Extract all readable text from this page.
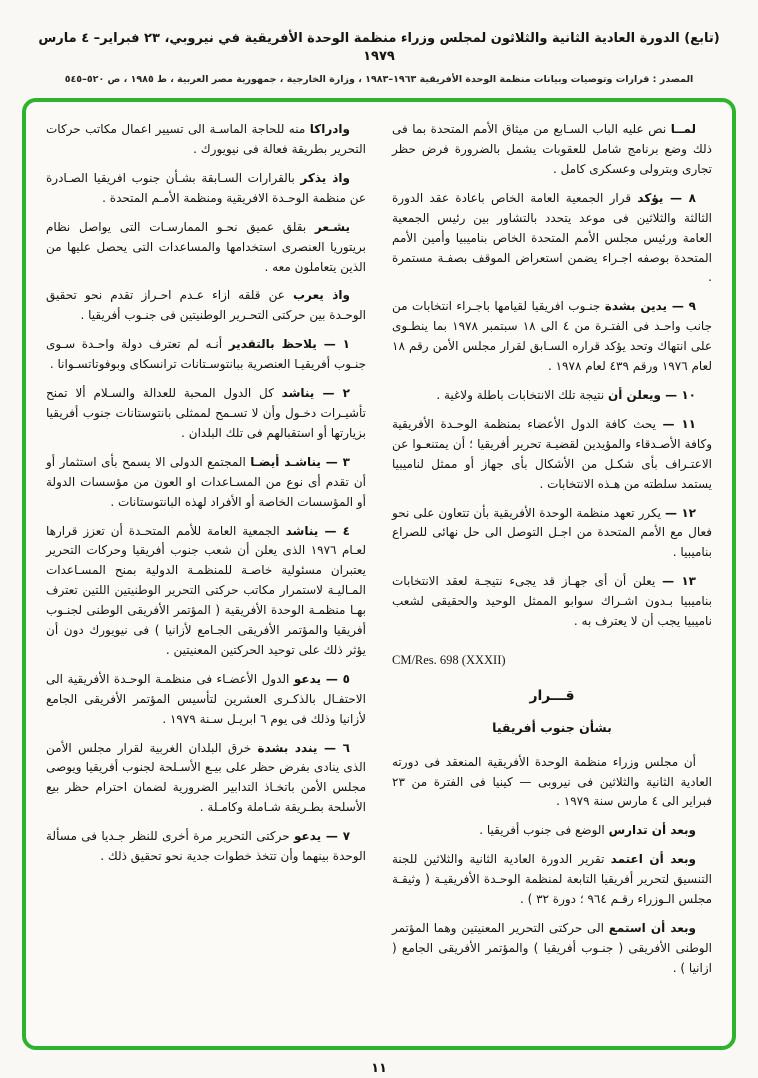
(تابع) الدورة العادية الثانية والثلاثون لمجلس وزراء منظمة الوحدة الأفريقية في نيروبي، ٢٣ فبراير– ٤ مارس ١٩٧٩
المصدر : قرارات وتوصيات وبيانات منظمة الوحدة الأفريقية ١٩٦٣–١٩٨٣ ، وزارة الخارجية ، جمهورية مصر العربية ، ط ١٩٨٥ ، ص ٥٢٠–٥٤٥

لمــا نص عليه الباب السـابع من ميثاق الأمم المتحدة بما فى ذلك وضع برنامج شامل للعقوبات يشمل بالضرورة فرض حظر تجارى وبترولى وعسكرى كامل .

٨ — يؤكد قرار الجمعية العامة الخاص باعادة عقد الدورة الثالثة والثلاثين فى موعد يتحدد بالتشاور بين رئيس الجمعية العامة ورئيس مجلس الأمم المتحدة الخاص بناميبيا وأمين الأمم المتحدة بوصفه اجـراء يضمن استعراض الموقف بصفـة مستمرة .

٩ — يدين بشدة جنـوب افريقيا لقيامها باجـراء انتخابات من جانب واحـد فى الفتـرة من ٤ الى ١٨ سبتمبر ١٩٧٨ بما ينطـوى على انتهاك وتحد يؤكد قراره السـابق لقرار مجلس الأمن رقم ١٨ لعام ١٩٧٦ ورقم ٤٣٩ لعام ١٩٧٨ .

١٠ — ويعلن أن نتيجة تلك الانتخابات باطلة ولاغية .

١١ — يحث كافة الدول الأعضاء بمنظمة الوحـدة الأفريقية وكافة الأصـدقاء والمؤيدين لقضيـة تحرير أفريقيا ؛ أن يمتنعـوا عن الاعتـراف بأى شكـل من الأشكال بأى جهاز أو ممثل لناميبيا يستمد سلطته من هـذه الانتخابات .

١٢ — يكرر تعهد منظمة الوحدة الأفريقية بأن تتعاون على نحو فعال مع الأمم المتحدة من اجـل التوصل الى حل نهائى للصراع بناميبيا .

١٣ — يعلن أن أى جهـاز قد يجىء نتيجـة لعقد الانتخابات بناميبيا بـدون اشـراك سوابو الممثل الوحيد والحقيقى لشعب ناميبيا يجب أن لا يعترف به .

CM/Res. 698 (XXXII)

قـــرار
بشأن جنوب أفريقيا

أن مجلس وزراء منظمة الوحدة الأفريقية المنعقد فى دورته العادية الثانية والثلاثين فى نيروبى — كينيا فى الفترة من ٢٣ فبراير الى ٤ مارس سنة ١٩٧٩ .

وبعد أن تدارس الوضع فى جنوب أفريقيا .

وبعد أن اعتمد تقرير الدورة العادية الثانية والثلاثين للجنة التنسيق لتحرير أفريقيا التابعة لمنظمة الوحـدة الأفريقيـة ( وثيقـة مجلس الـوزراء رقـم ٩٦٤ ؛ دورة ٣٢ ) .

وبعد أن استمع الى حركتى التحرير المعنيتين وهما المؤتمر الوطنى الأفريقى ( جنـوب أفريقيا ) والمؤتمر الأفريقى الجامع ( ازانيا ) .

وادراكا منه للحاجة الماسـة الى تسيير اعمال مكاتب حركات التحرير بطريقة فعالة فى نيويورك .

واذ يذكر بالقرارات السـابقة بشـأن جنوب افريقيا الصـادرة عن منظمة الوحـدة الافريقية ومنظمة الأمـم المتحدة .

يشـعر بقلق عميق نحـو الممارسـات التى يواصل نظام بريتوريا العنصرى استخدامها والمساعدات التى يحصل عليها من الذين يتعاملون معه .

واذ يعرب عن قلقه ازاء عـدم احـراز تقدم نحو تحقيق الوحـدة بين حركتى التحـرير الوطنيتين فى جنـوب أفريقيا .

١ — يلاحظ بالتقدير أنـه لم تعترف دولة واحـدة سـوى جنـوب أفريقيـا العنصرية ببانتوسـتانات ترانسكاى وبوفوتاتسـوانا .

٢ — يناشد كل الدول المحبة للعدالة والسـلام ألا تمنح تأشيـرات دخـول وأن لا تسـمح لممثلى بانتوستانات جنوب أفريقيا بزيارتها أو استقبالهم فى تلك البلدان .

٣ — يناشـد أيضـا المجتمع الدولى الا يسمح بأى استثمار أو أن تقدم أى نوع من المسـاعدات او العون من مؤسسات الدولة أو المؤسسات الخاصة أو الأفراد لهذه البانتوستانات .

٤ — يناشد الجمعية العامة للأمم المتحـدة أن تعزز قرارها لعـام ١٩٧٦ الذى يعلن أن شعب جنوب أفريقيا وحركات التحرير يعتبران مسئولية خاصـة للمنظمـة الدولية بمنح المسـاعدات المـاليـة لاستمرار مكاتب حركتى التحرير الوطنيتين اللتين تعترف بهـا منظمـة الوحدة الأفريقية ( المؤتمر الأفريقى الوطنى لجنـوب أفريقيا والمؤتمر الأفريقى الجـامع لأزانيا ) فى نيويورك دون أن يؤثر ذلك على توحيد الحركتين المعنيتين .

٥ — يدعو الدول الأعضـاء فى منظمـة الوحـدة الأفريقية الى الاحتفـال بالذكـرى العشرين لتأسيس المؤتمر الأفريقى الجامع لأزانيا وذلك فى يوم ٦ ابريـل سـنة ١٩٧٩ .

٦ — يندد بشدة خرق البلدان الغربية لقرار مجلس الأمن الذى ينادى بفرض حظر على بيـع الأسـلحة لجنوب أفريقيا ويوصى مجلس الأمن باتخـاذ التدابير الضرورية لضمان احترام حظر بيع الأسلحة بطـريقة شـاملة وكامـلة .

٧ — يدعو حركتى التحرير مرة أخرى للنظر جـديا فى مسألة الوحدة بينهما وأن تتخذ خطوات جدية نحو تحقيق ذلك .

١١
